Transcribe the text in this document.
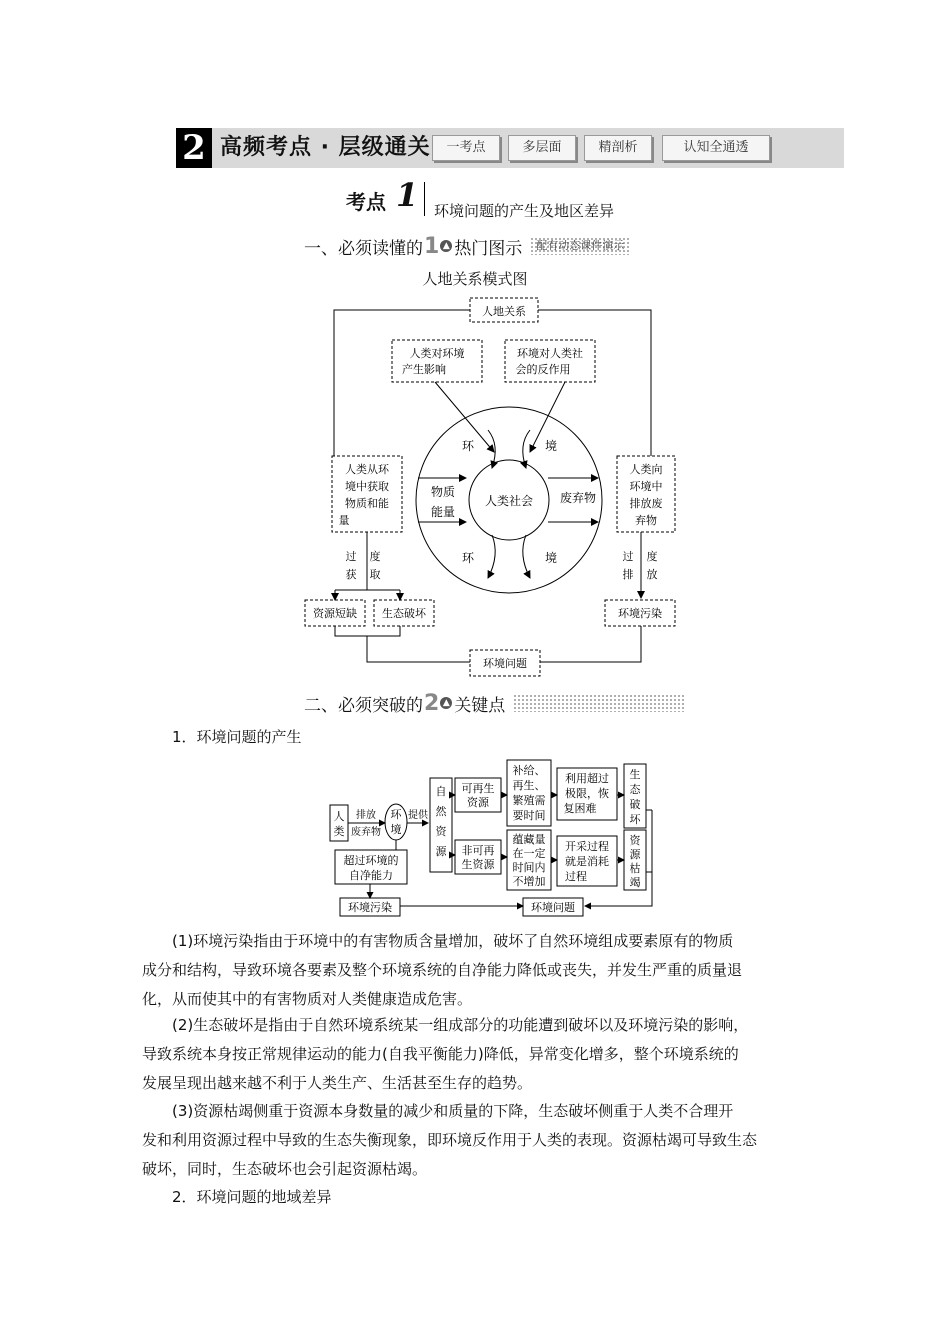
2 高频考点 · 层级通关	一考点	多层面	精剖析	认知全通透
考点 1 环境问题的产生及地区差异
一、必须读懂的 1 ▲ 热门图示	配有动态课件演示
人地关系模式图
人地关系
人类对环境
产生影响
环境对人类社
会的反作用
人类从环
境中获取
物质和能
量
人类向
环境中
排放废
弃物
环	境
环	境
物质
能量
人类社会 废弃物
过
获
度
取
过
排
度
放
资源短缺 生态破坏	环境污染
环境问题
二、必须突破的 2 ▲ 关键点
1．环境问题的产生
人
类
排放
废弃物
环
境
提供
自
然
资
源
超过环境的
自净能力
环境污染
可再生
资源
非可再
生资源
补给、
再生、
繁殖需
要时间
蕴藏量
在一定
时间内
不增加
利用超过
极限，恢
复困难
开采过程
就是消耗
过程
生
态
破
坏
资
源
枯
竭
环境问题
(1)环境污染指由于环境中的有害物质含量增加，破坏了自然环境组成要素原有的物质
成分和结构，导致环境各要素及整个环境系统的自净能力降低或丧失，并发生严重的质量退
化，从而使其中的有害物质对人类健康造成危害。
(2)生态破坏是指由于自然环境系统某一组成部分的功能遭到破坏以及环境污染的影响，
导致系统本身按正常规律运动的能力(自我平衡能力)降低，异常变化增多，整个环境系统的
发展呈现出越来越不利于人类生产、生活甚至生存的趋势。
(3)资源枯竭侧重于资源本身数量的减少和质量的下降，生态破坏侧重于人类不合理开
发和利用资源过程中导致的生态失衡现象，即环境反作用于人类的表现。资源枯竭可导致生态
破坏，同时，生态破坏也会引起资源枯竭。
2．环境问题的地域差异
